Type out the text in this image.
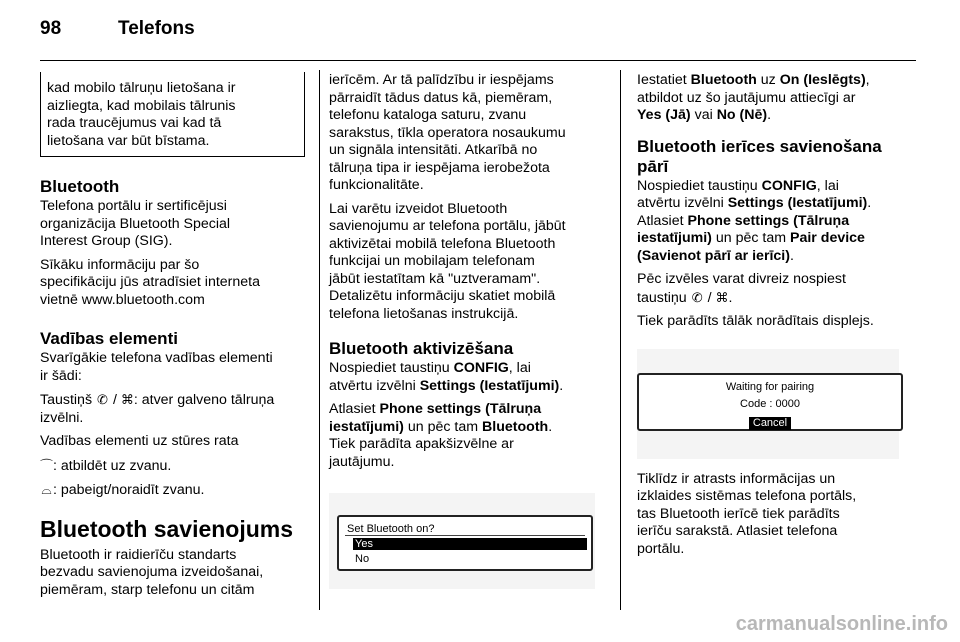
98	Telefons
kad mobilo tālruņu lietošana ir
aizliegta, kad mobilais tālrunis
rada traucējumus vai kad tā
lietošana var būt bīstama.
Bluetooth
Telefona portālu ir sertificējusi
organizācija Bluetooth Special
Interest Group (SIG).
Sīkāku informāciju par šo
specifikāciju jūs atradīsiet interneta
vietnē www.bluetooth.com
Vadības elementi
Svarīgākie telefona vadības elementi
ir šādi:
Taustiņš ✆ / ⌘: atver galveno tālruņa
izvēlni.
Vadības elementi uz stūres rata
⌒: atbildēt uz zvanu.
⌓: pabeigt/noraidīt zvanu.
Bluetooth savienojums
Bluetooth ir raidierīču standarts
bezvadu savienojuma izveidošanai,
piemēram, starp telefonu un citām
ierīcēm. Ar tā palīdzību ir iespējams
pārraidīt tādus datus kā, piemēram,
telefonu kataloga saturu, zvanu
sarakstus, tīkla operatora nosaukumu
un signāla intensitāti. Atkarībā no
tālruņa tipa ir iespējama ierobežota
funkcionalitāte.
Lai varētu izveidot Bluetooth
savienojumu ar telefona portālu, jābūt
aktivizētai mobilā telefona Bluetooth
funkcijai un mobilajam telefonam
jābūt iestatītam kā "uztveramam".
Detalizētu informāciju skatiet mobilā
telefona lietošanas instrukcijā.
Bluetooth aktivizēšana
Nospiediet taustiņu CONFIG, lai
atvērtu izvēlni Settings (Iestatījumi).
Atlasiet Phone settings (Tālruņa
iestatījumi) un pēc tam Bluetooth.
Tiek parādīta apakšizvēlne ar
jautājumu.
Set Bluetooth on?
Yes
No
Iestatiet Bluetooth uz On (Ieslēgts),
atbildot uz šo jautājumu attiecīgi ar
Yes (Jā) vai No (Nē).
Bluetooth ierīces savienošana
pārī
Nospiediet taustiņu CONFIG, lai
atvērtu izvēlni Settings (Iestatījumi).
Atlasiet Phone settings (Tālruņa
iestatījumi) un pēc tam Pair device
(Savienot pārī ar ierīci).
Pēc izvēles varat divreiz nospiest
taustiņu ✆ / ⌘.
Tiek parādīts tālāk norādītais displejs.
Waiting for pairing
Code : 0000
Cancel
Tiklīdz ir atrasts informācijas un
izklaides sistēmas telefona portāls,
tas Bluetooth ierīcē tiek parādīts
ierīču sarakstā. Atlasiet telefona
portālu.
carmanualsonline.info
